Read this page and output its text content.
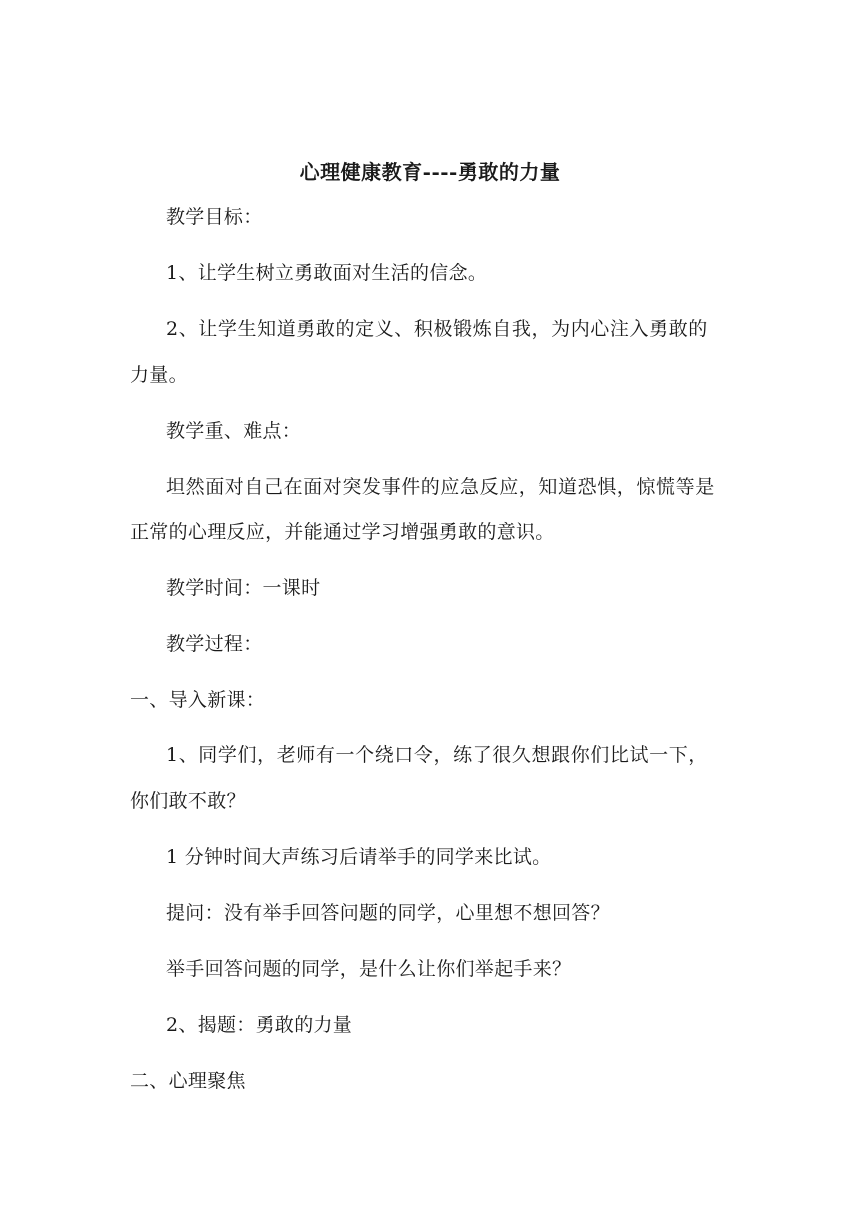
心理健康教育----勇敢的力量
教学目标：
1、让学生树立勇敢面对生活的信念。
2、让学生知道勇敢的定义、积极锻炼自我，为内心注入勇敢的
力量。
教学重、难点：
坦然面对自己在面对突发事件的应急反应，知道恐惧，惊慌等是
正常的心理反应，并能通过学习增强勇敢的意识。
教学时间：一课时
教学过程：
一、导入新课：
1、同学们，老师有一个绕口令，练了很久想跟你们比试一下，
你们敢不敢？
1 分钟时间大声练习后请举手的同学来比试。
提问：没有举手回答问题的同学，心里想不想回答？
举手回答问题的同学，是什么让你们举起手来？
2、揭题：勇敢的力量
二、心理聚焦
